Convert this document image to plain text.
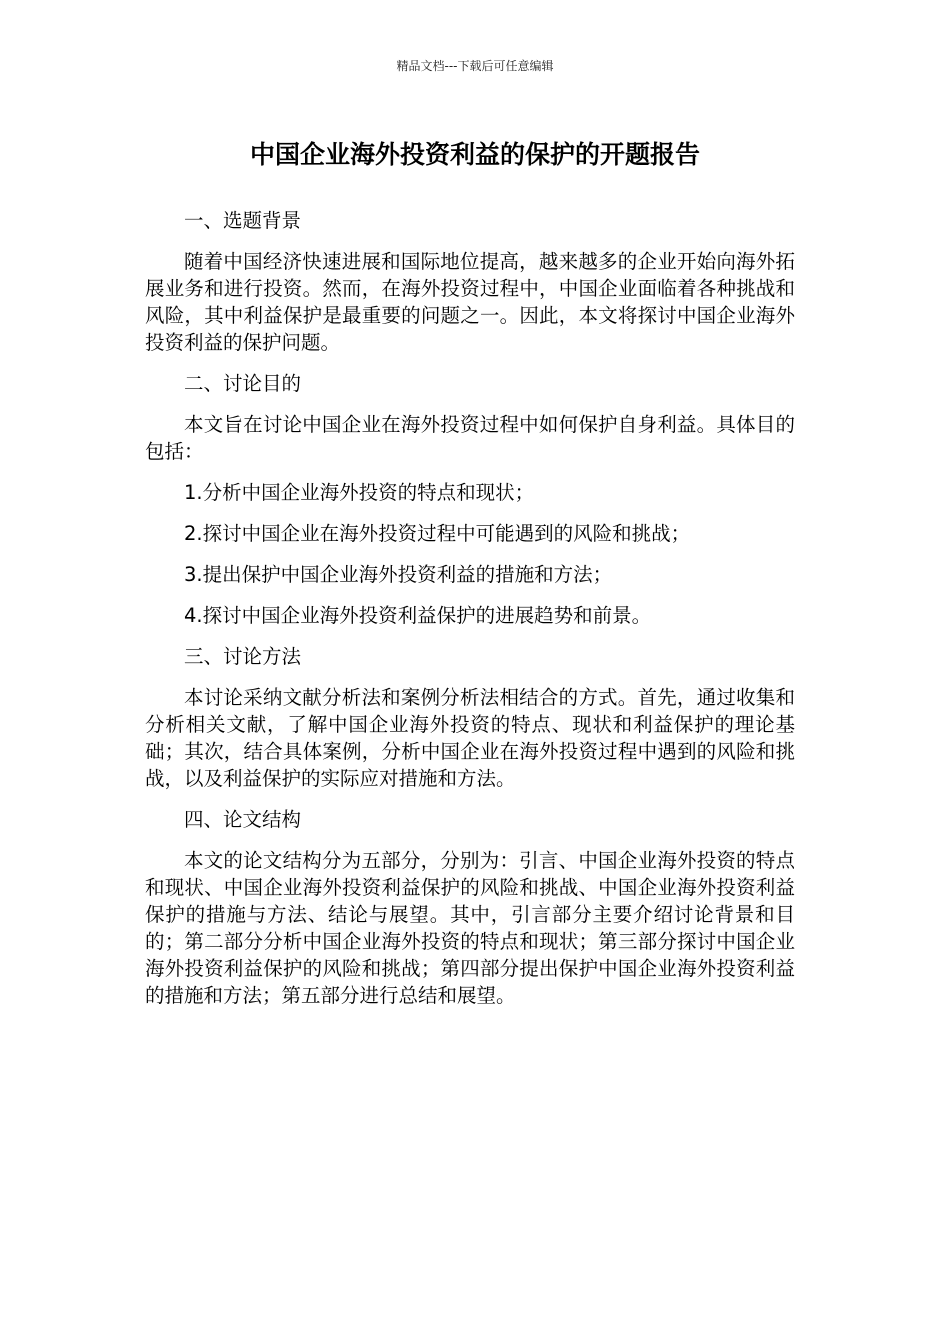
精品文档---下载后可任意编辑
中国企业海外投资利益的保护的开题报告

一、选题背景

随着中国经济快速进展和国际地位提高，越来越多的企业开始向海外拓展业务和进行投资。然而，在海外投资过程中，中国企业面临着各种挑战和风险，其中利益保护是最重要的问题之一。因此，本文将探讨中国企业海外投资利益的保护问题。

二、讨论目的

本文旨在讨论中国企业在海外投资过程中如何保护自身利益。具体目的包括：

1.分析中国企业海外投资的特点和现状；

2.探讨中国企业在海外投资过程中可能遇到的风险和挑战；

3.提出保护中国企业海外投资利益的措施和方法；

4.探讨中国企业海外投资利益保护的进展趋势和前景。

三、讨论方法

本讨论采纳文献分析法和案例分析法相结合的方式。首先，通过收集和分析相关文献，了解中国企业海外投资的特点、现状和利益保护的理论基础；其次，结合具体案例，分析中国企业在海外投资过程中遇到的风险和挑战，以及利益保护的实际应对措施和方法。

四、论文结构

本文的论文结构分为五部分，分别为：引言、中国企业海外投资的特点和现状、中国企业海外投资利益保护的风险和挑战、中国企业海外投资利益保护的措施与方法、结论与展望。其中，引言部分主要介绍讨论背景和目的；第二部分分析中国企业海外投资的特点和现状；第三部分探讨中国企业海外投资利益保护的风险和挑战；第四部分提出保护中国企业海外投资利益的措施和方法；第五部分进行总结和展望。
